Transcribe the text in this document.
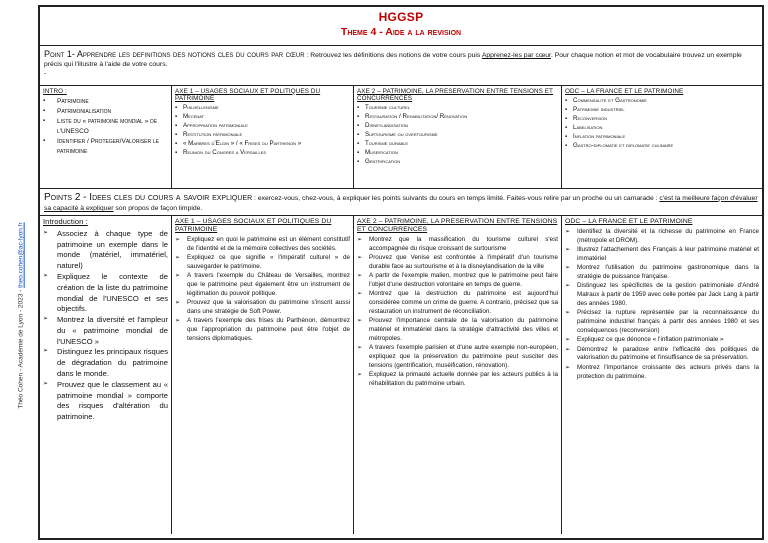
Théo Cohen - Académie de Lyon - 2023 - theo.cohen@ac-lyon.fr
HGGSP
Theme 4 - Aide a la revision
Point 1- Apprendre les definitions des notions cles du cours par cœur : Retrouvez les définitions des notions de votre cours puis Apprenez-les par cœur. Pour chaque notion et mot de vocabulaire trouvez un exemple précis qui l'illustre à l'aide de votre cours.
-
INTRO :
▪ Patrimoine
▪ Patrimonialisation
▪ Liste du « patrimoine mondial » de l'UNESCO
▪ Identifier / Proteger/Valoriser le patrimoine
AXE 1 – USAGES SOCIAUX ET POLITIQUES DU PATRIMOINE
▪ Philhellenisme
▪ Mecenat
▪ Appropriation patrimoniale
▪ Restitution patrimoniale
▪ « Marbres d'Elgin » / « Frises du Parthenon »
▪ Reunion du Congres a Versailles
AXE 2 – PATRIMOINE, LA PRESERVATION ENTRE TENSIONS ET CONCURRENCES
▪ Tourisme culturel
▪ Restauration / Rehabilitation/ Renovation
▪ Disneylandisation
▪ Surtourisme ou overtourisme
▪ Tourisme durable
▪ Museification
▪ Gentrification
ODC – LA FRANCE ET LE PATRIMOINE
▪ Commensalite et Gastronomie
▪ Patrimoine industriel
▪ Reconversion
▪ Labelisation
▪ Inflation patrimoniale
▪ Gastro-diplomatie et diplomatie culinaire
Points 2 - Idees cles du cours a savoir expliquer : exercez-vous, chez-vous, à expliquer les points suivants du cours en temps limité. Faites-vous relire par un proche ou un camarade : c'est la meilleure façon d'évaluer sa capacité à expliquer son propos de façon limpide.
Introduction :
➢ Associez à chaque type de patrimoine un exemple dans le monde (matériel, immatériel, naturel)
➢ Expliquez le contexte de création de la liste du patrimoine mondial de l'UNESCO et ses objectifs.
➢ Montrez la diversité et l'ampleur du « patrimoine mondial de l'UNESCO »
➢ Distinguez les principaux risques de dégradation du patrimoine dans le monde.
➢ Prouvez que le classement au « patrimoine mondial » comporte des risques d'altération du patrimoine.
AXE 1 – USAGES SOCIAUX ET POLITIQUES DU PATRIMOINE
➢ Expliquez en quoi le patrimoine est un élément constitutif de l'identité et de la mémoire collectives des sociétés.
➢ Expliquez ce que signifie « l'impératif culturel » de sauvegarder le patrimoine.
➢ A travers l'exemple du Château de Versailles, montrez que le patrimoine peut également être un instrument de légitimation du pouvoir politique.
➢ Prouvez que la valorisation du patrimoine s'inscrit aussi dans une stratégie de Soft Power.
➢ A travers l'exemple des frises du Parthénon, démontrez que l'appropriation du patrimoine peut être l'objet de tensions diplomatiques.
AXE 2 – PATRIMOINE, LA PRESERVATION ENTRE TENSIONS ET CONCURRENCES
➢ Montrez que la massification du tourisme culturel s'est accompagnée du risque croissant de surtourisme
➢ Prouvez que Venise est confrontée à l'impératif d'un tourisme durable face au surtourisme et à la disneylandisation de la ville
➢ A partir de l'exemple malien, montrez que le patrimoine peut faire l'objet d'une destruction volontaire en temps de guerre.
➢ Montrez que la destruction du patrimoine est aujourd'hui considérée comme un crime de guerre. A contrario, précisez que sa restauration un instrument de réconciliation.
➢ Prouvez l'importance centrale de la valorisation du patrimoine matériel et immatériel dans la stratégie d'attractivité des villes et métropoles.
➢ A travers l'exemple parisien et d'une autre exemple non-européen, expliquez que la préservation du patrimoine peut susciter des tensions (gentrification, muséification, rénovation).
➢ Expliquez la primauté actuelle donnée par les acteurs publics à la réhabilitation du patrimoine urbain.
ODC – LA FRANCE ET LE PATRIMOINE
➢ Identifiez la diversité et la richesse du patrimoine en France (métropole et DROM).
➢ Illustrez l'attachement des Français à leur patrimoine matériel et immatériel
➢ Montrez l'utilisation du patrimoine gastronomique dans la stratégie de puissance française.
➢ Distinguez les spécificités de la gestion patrimoniale d'André Malraux à partir de 1959 avec celle portée par Jack Lang à partir des années 1980.
➢ Précisez la rupture représentée par la reconnaissance du patrimoine industriel français à partir des années 1980 et ses conséquences (reconversion)
➢ Expliquez ce que dénonce « l'inflation patrimoniale »
➢ Démontrez le paradoxe entre l'efficacité des politiques de valorisation du patrimoine et l'insuffisance de sa préservation.
➢ Montrez l'importance croissante des acteurs privés dans la protection du patrimoine.
